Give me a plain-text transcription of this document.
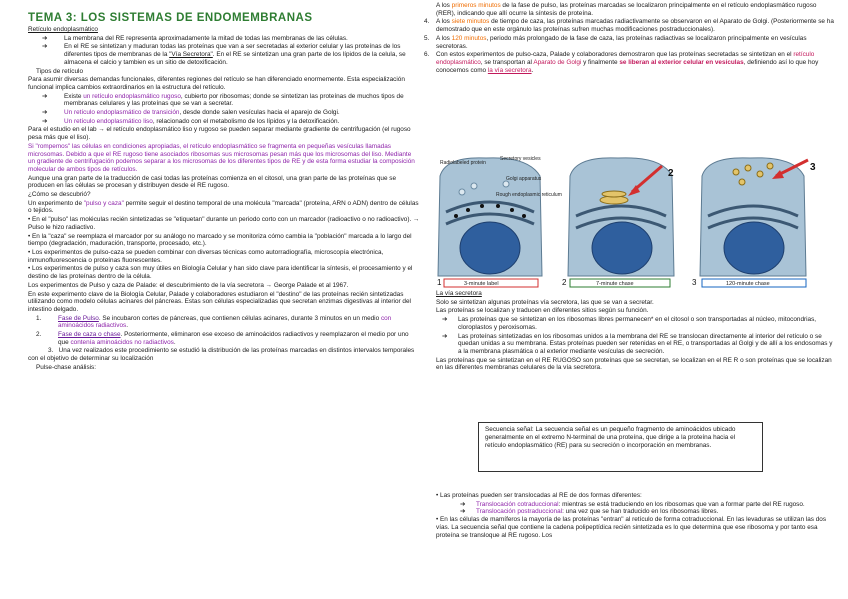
TEMA 3: LOS SISTEMAS DE ENDOMEMBRANAS

Retículo endoplasmático

➔	La membrana del RE representa aproximadamente la mitad de todas las membranas de las células.
➔	En el RE se sintetizan y maduran todas las proteínas que van a ser secretadas al exterior celular y las proteínas de los diferentes tipos de membranas de la "Vía Secretora". En el RE se sintetizan una gran parte de los lípidos de la celula, se almacena el calcio y tambien es un sitio de detoxificación.

Tipos de retículo

Para asumir diversas demandas funcionales, diferentes regiones del retículo se han diferenciado enormemente. Esta especialización funcional implica cambios extraordinarios en la estructura del retículo.

➔	Existe un retículo endoplasmático rugoso, cubierto por ribosomas; donde se sintetizan las proteínas de muchos tipos de membranas celulares y las proteínas que se van a secretar.
➔	Un retículo endoplasmático de transición, desde donde salen vesículas hacia el aparejo de Golgi.
➔	Un retículo endoplasmático liso, relacionado con el metabolismo de los lípidos y la detoxificación.

Para el estudio en el lab → el retículo endoplasmático liso y rugoso se pueden separar mediante gradiente de centrifugación (el rugoso pesa más que el liso).

Si "rompemos" las células en condiciones apropiadas, el retículo endoplasmático se fragmenta en pequeñas vesículas llamadas microsomas. Debido a que el RE rugoso tiene asociados ribosomas sus microsomas pesan más que los microsomas del liso. Mediante un gradiente de centrifugación podemos separar a los microsomas de los diferentes tipos de RE y de esta forma estudiar la composición molecular de ambos tipos de retículos.

Aunque una gran parte de la traducción de casi todas las proteínas comienza en el citosol, una gran parte de las proteínas que se producen en las células se procesan y distribuyen desde el RE rugoso.

¿Cómo se descubrió?

Un experimento de "pulso y caza" permite seguir el destino temporal de una molécula "marcada" (proteína, ARN o ADN) dentro de células o tejidos.

• En el "pulso" las moléculas recién sintetizadas se "etiquetan" durante un periodo corto con un marcador (radioactivo o no radioactivo). → Pulso le hizo radiactivo.

• En la "caza" se reemplaza el marcador por su análogo no marcado y se monitoriza cómo cambia la "población" marcada a lo largo del tiempo (degradación, maduración, transporte, procesado, etc.).

• Los experimentos de pulso-caza se pueden combinar con diversas técnicas como autorradiografía, microscopía electrónica, inmunofluorescencia o proteínas fluorescentes.

• Los experimentos de pulso y caza son muy útiles en Biología Celular y han sido clave para identificar la síntesis, el procesamiento y el destino de las proteínas dentro de la célula.

Los experimentos de Pulso y caza de Palade: el descubrimiento de la vía secretora → George Palade et al 1967.

En este experimento clave de la Biología Celular, Palade y colaboradores estudiaron el "destino" de las proteínas recién sintetizadas utilizando como modelo células acinares del páncreas. Estas son células especializadas que secretan enzimas digestivas al interior del intestino delgado.

1.	Fase de Pulso. Se incubaron cortes de páncreas, que contienen células acinares, durante 3 minutos en un medio con aminoácidos radiactivos.
2.	Fase de caza o chase. Posteriormente, eliminaron ese exceso de aminoácidos radiactivos y reemplazaron el medio por uno que contenía aminoácidos no radiactivos.

3. Una vez realizados este procedimiento se estudió la distribución de las proteínas marcadas en distintos intervalos temporales con el objetivo de determinar su localización

Pulse-chase análisis:

A los primeros minutos de la fase de pulso, las proteínas marcadas se localizaron principalmente en el retículo endoplasmático rugoso (RER), indicando que allí ocurre la síntesis de proteína.

4. A los siete minutos de tiempo de caza, las proteínas marcadas radiactivamente se observaron en el Aparato de Golgi. (Posteriormente se ha demostrado que en este orgánulo las proteínas sufren muchas modificaciones postraduccionales).
5. A los 120 minutos, periodo más prolongado de la fase de caza, las proteínas radiactivas se localizaron principalmente en vesículas secretoras.
6. Con estos experimentos de pulso-caza, Palade y colaboradores demostraron que las proteínas secretadas se sintetizan en el retículo endoplasmático, se transportan al Aparato de Golgi y finalmente se liberan al exterior celular en vesículas, definiendo así lo que hoy conocemos como la vía secretora.
Radiolabeled protein
Secretory vesicles
Golgi apparatus
Rough endoplasmic reticulum
2
3
1	3-minute label	2	7-minute chase	3	120-minute chase

La vía secretora

Solo se sintetizan algunas proteínas vía secretora, las que se van a secretar.

Las proteínas se localizan y traducen en diferentes sitios según su función.

➔ Las proteínas que se sintetizan en los ribosomas libres permanecen* en el citosol o son transportadas al núcleo, mitocondrias, cloroplastos y peroxisomas.
➔ Las proteínas sintetizadas en los ribosomas unidos a la membrana del RE se translocan directamente al interior del retículo o se quedan unidas a su membrana. Estas proteínas pueden ser retenidas en el RE, o transportadas al Golgi y de allí a los endosomas y a la membrana plasmática o al exterior mediante vesículas de secreción.

Las proteínas que se sintetizan en el RE RUGOSO son proteínas que se secretan, se localizan en el RE R o son proteínas que se localizan en las diferentes membranas celulares de la vía secretora.

Secuencia señal: La secuencia señal es un pequeño fragmento de aminoácidos ubicado generalmente en el extremo N-terminal de una proteína, que dirige a la proteína hacia el retículo endoplasmático (RE) para su secreción o incorporación en membranas.

• Las proteínas pueden ser translocadas al RE de dos formas diferentes:

➔ Translocación cotraduccional: mientras se está traduciendo en los ribosomas que van a formar parte del RE rugoso.
➔ Translocación postraduccional: una vez que se han traducido en los ribosomas libres.

• En las células de mamíferos la mayoría de las proteínas "entran" al retículo de forma cotraduccional. En las levaduras se utilizan las dos vías. La secuencia señal que contiene la cadena polipeptídica recién sintetizada es lo que determina que ese ribosoma y por tanto esa proteína se transloque al RE rugoso. Los
